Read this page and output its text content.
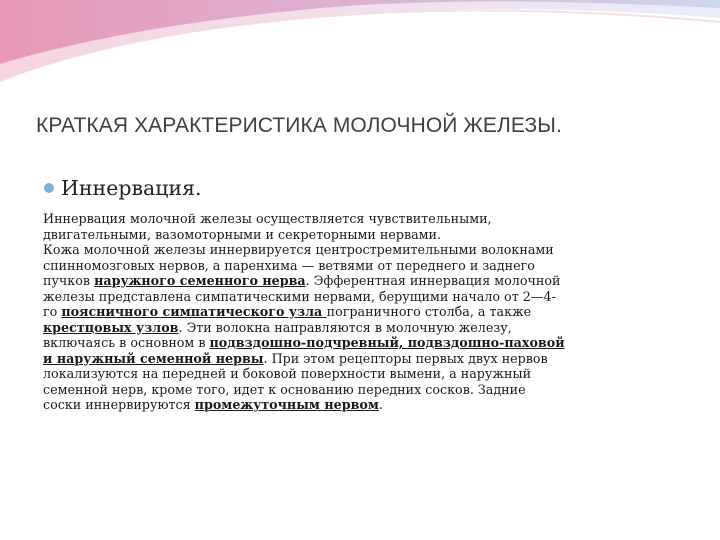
КРАТКАЯ ХАРАКТЕРИСТИКА МОЛОЧНОЙ ЖЕЛЕЗЫ.
Иннервация.
Иннервация молочной железы осуществляется чувствительными,
двигательными, вазомоторными и секреторными нервами.
Кожа молочной железы иннервируется центростремительными волокнами
спинномозговых нервов, а паренхима — ветвями от переднего и заднего
пучков наружного семенного нерва. Эфферентная иннервация молочной
железы представлена симпатическими нервами, берущими начало от 2—4-
го поясничного симпатического узла пограничного столба, а также
крестцовых узлов. Эти волокна направляются в молочную железу,
включаясь в основном в подвздошно-подчревный, подвздошно-паховой
и наружный семенной нервы. При этом рецепторы первых двух нервов
локализуются на передней и боковой поверхности вымени, а наружный
семенной нерв, кроме того, идет к основанию передних сосков. Задние
соски иннервируются промежуточным нервом.
